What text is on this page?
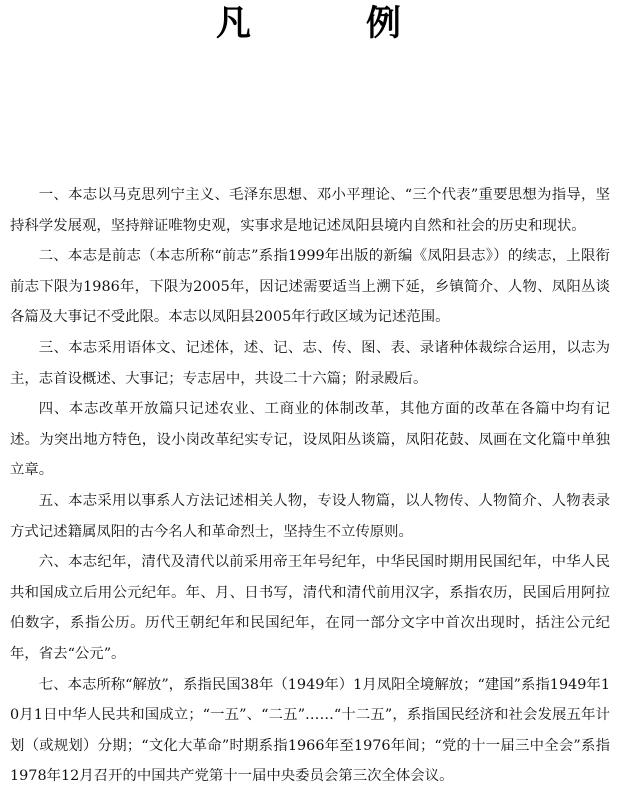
凡　例

一、本志以马克思列宁主义、毛泽东思想、邓小平理论、“三个代表”重要思想为指导，坚持科学发展观，坚持辩证唯物史观，实事求是地记述凤阳县境内自然和社会的历史和现状。

二、本志是前志（本志所称“前志”系指1999年出版的新编《凤阳县志》）的续志，上限衔前志下限为1986年，下限为2005年，因记述需要适当上溯下延，乡镇简介、人物、凤阳丛谈各篇及大事记不受此限。本志以凤阳县2005年行政区域为记述范围。

三、本志采用语体文、记述体，述、记、志、传、图、表、录诸种体裁综合运用，以志为主，志首设概述、大事记；专志居中，共设二十六篇；附录殿后。

四、本志改革开放篇只记述农业、工商业的体制改革，其他方面的改革在各篇中均有记述。为突出地方特色，设小岗改革纪实专记，设凤阳丛谈篇，凤阳花鼓、凤画在文化篇中单独立章。

五、本志采用以事系人方法记述相关人物，专设人物篇，以人物传、人物简介、人物表录方式记述籍属凤阳的古今名人和革命烈士，坚持生不立传原则。

六、本志纪年，清代及清代以前采用帝王年号纪年，中华民国时期用民国纪年，中华人民共和国成立后用公元纪年。年、月、日书写，清代和清代前用汉字，系指农历，民国后用阿拉伯数字，系指公历。历代王朝纪年和民国纪年，在同一部分文字中首次出现时，括注公元纪年，省去“公元”。

七、本志所称“解放”，系指民国38年（1949年）1月凤阳全境解放；“建国”系指1949年10月1日中华人民共和国成立；“一五”、“二五”……“十二五”，系指国民经济和社会发展五年计划（或规划）分期；“文化大革命”时期系指1966年至1976年间；“党的十一届三中全会”系指1978年12月召开的中国共产党第十一届中央委员会第三次全体会议。
